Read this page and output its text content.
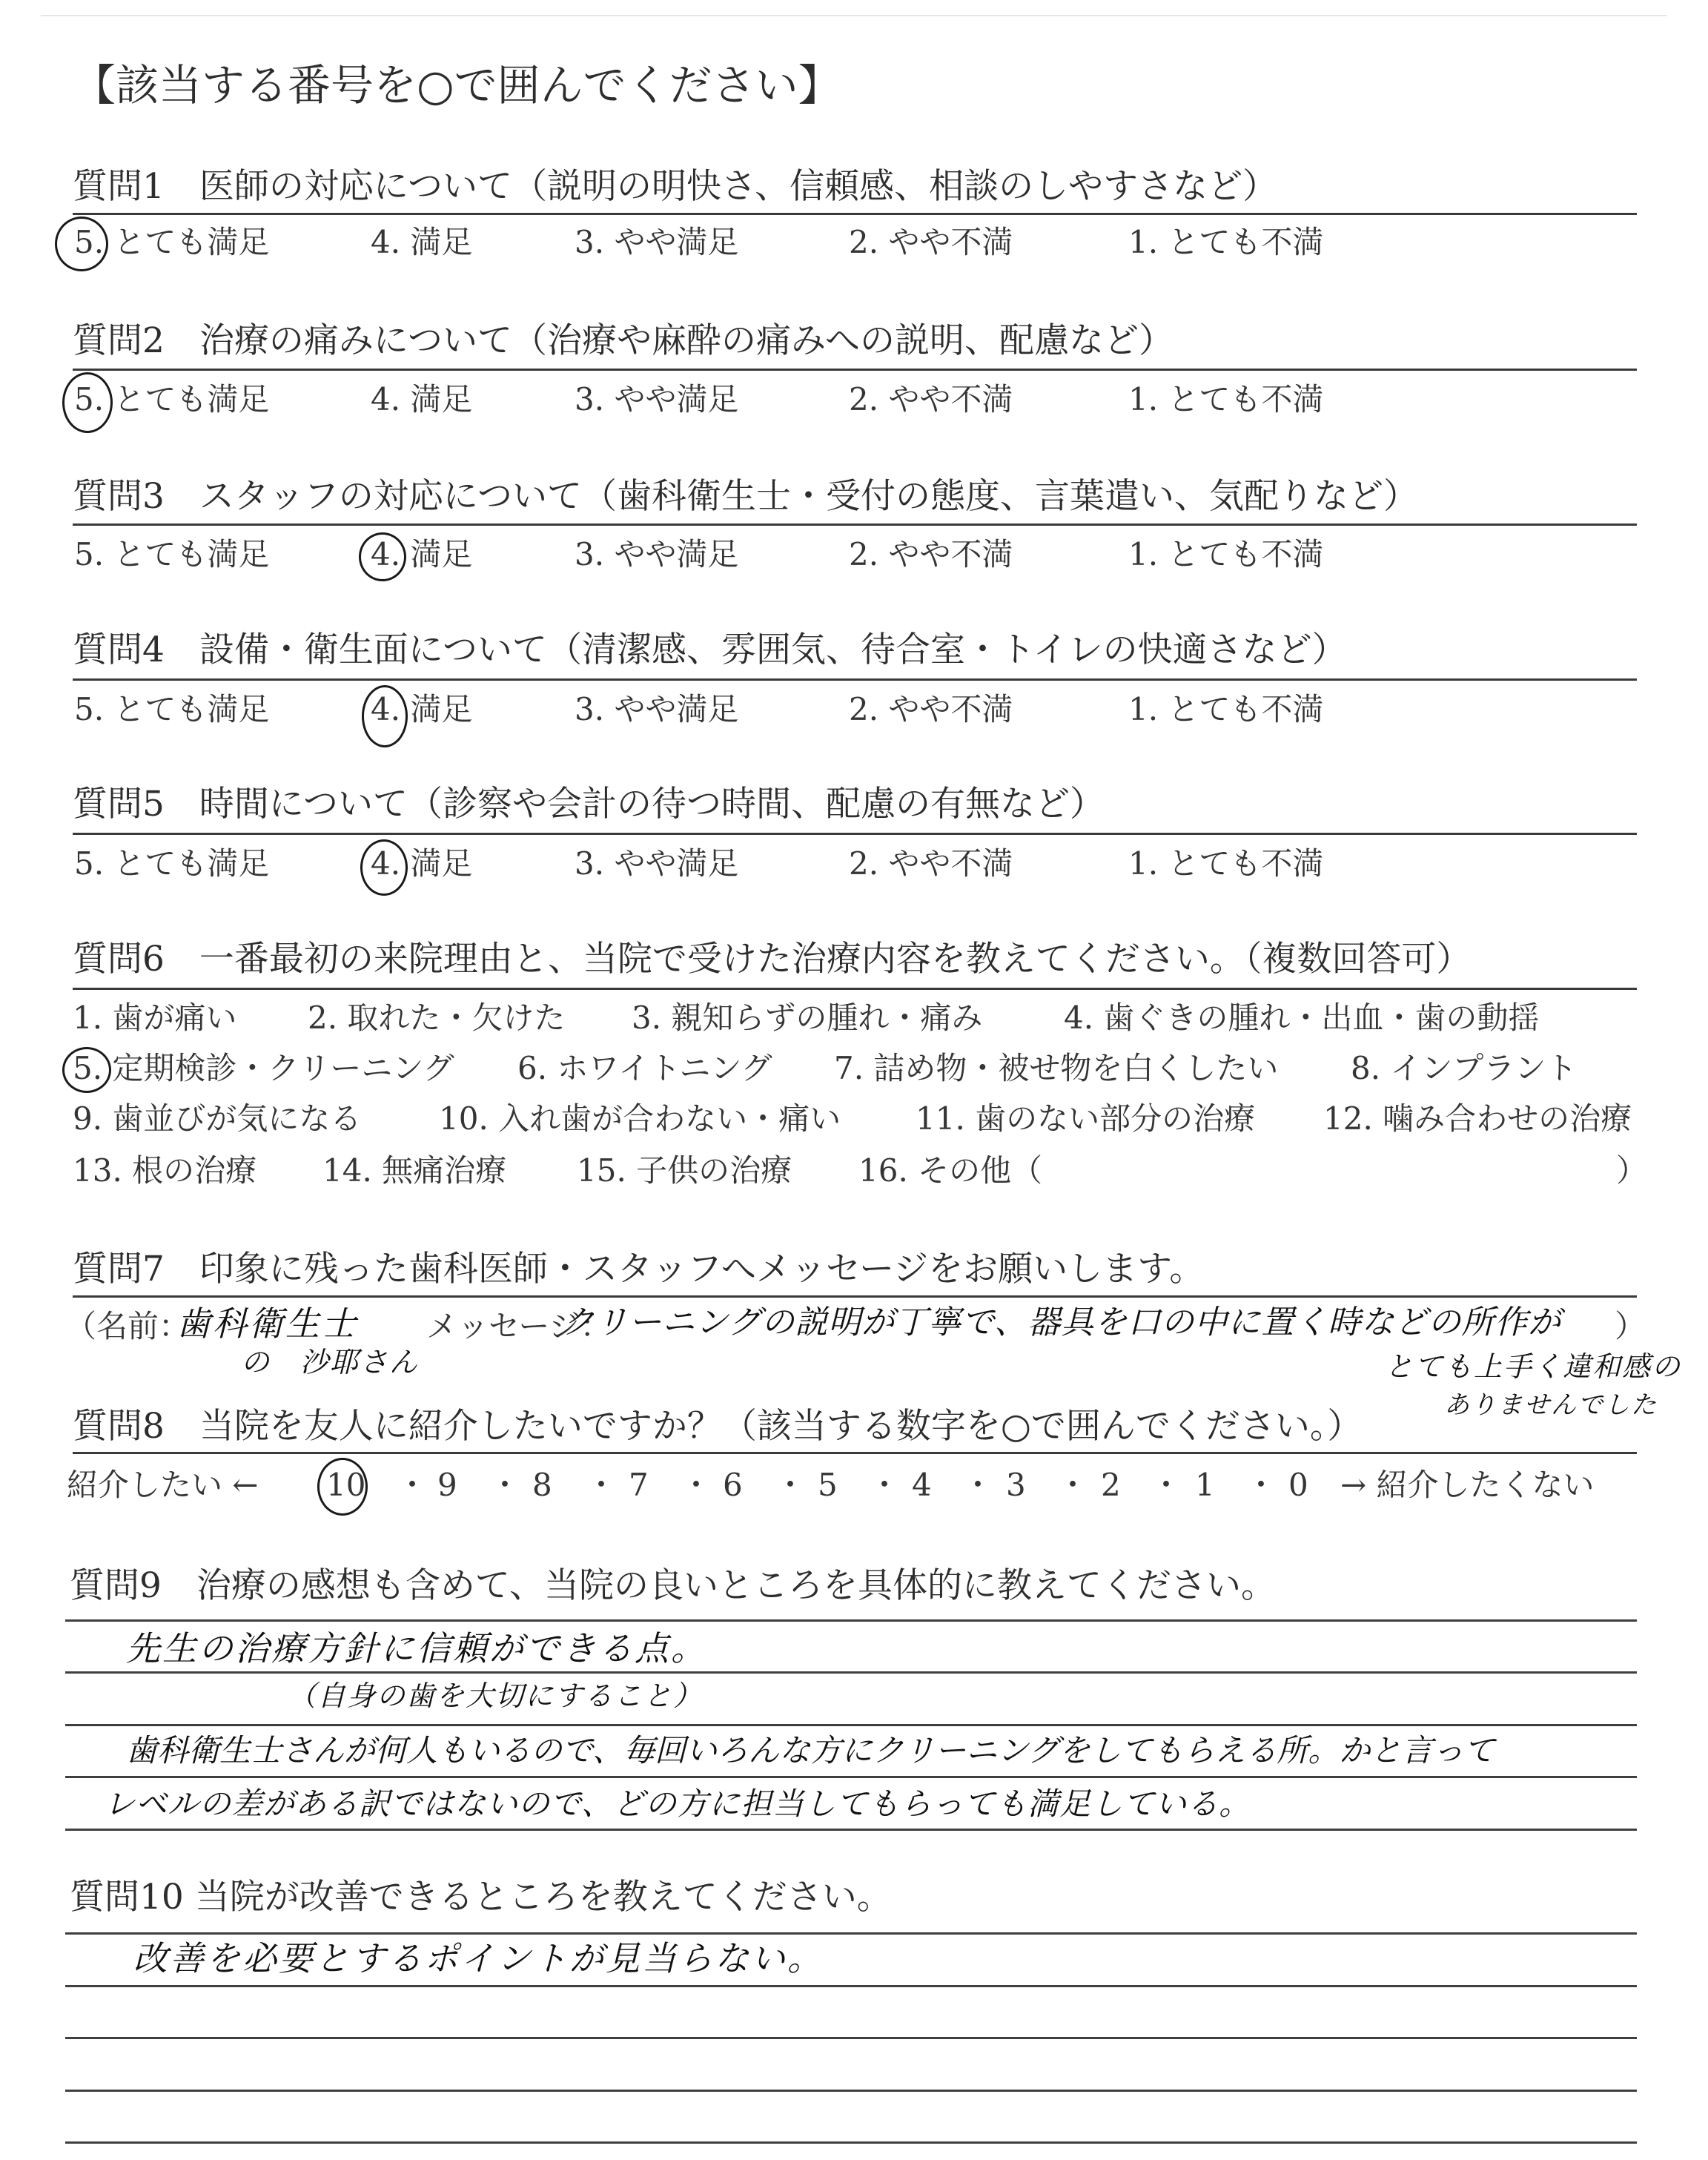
【該当する番号を○で囲んでください】
質問1　医師の対応について（説明の明快さ、信頼感、相談のしやすさなど）
5. とても満足	4. 満足	3. やや満足	2. やや不満	1. とても不満
質問2　治療の痛みについて（治療や麻酔の痛みへの説明、配慮など）
5. とても満足	4. 満足	3. やや満足	2. やや不満	1. とても不満
質問3　スタッフの対応について（歯科衛生士・受付の態度、言葉遣い、気配りなど）
5. とても満足	4. 満足	3. やや満足	2. やや不満	1. とても不満
質問4　設備・衛生面について（清潔感、雰囲気、待合室・トイレの快適さなど）
5. とても満足	4. 満足	3. やや満足	2. やや不満	1. とても不満
質問5　時間について（診察や会計の待つ時間、配慮の有無など）
5. とても満足	4. 満足	3. やや満足	2. やや不満	1. とても不満
質問6　一番最初の来院理由と、当院で受けた治療内容を教えてください。（複数回答可）
1. 歯が痛い 2. 取れた・欠けた 3. 親知らずの腫れ・痛み	4. 歯ぐきの腫れ・出血・歯の動揺
5. 定期検診・クリーニング 6. ホワイトニング 7. 詰め物・被せ物を白くしたい 8. インプラント
9. 歯並びが気になる 10. 入れ歯が合わない・痛い 11. 歯のない部分の治療 12. 噛み合わせの治療
13. 根の治療 14. 無痛治療 15. 子供の治療 16. その他（	）
質問7　印象に残った歯科医師・スタッフへメッセージをお願いします。
（名前：	メッセージ：	）
歯科衛生士
の　沙耶さん
クリーニングの説明が丁寧で、器具を口の中に置く時などの所作が
とても上手く違和感の
ありませんでした
質問8　当院を友人に紹介したいですか？（該当する数字を○で囲んでください。）
紹介したい ← 10 ・ 9 ・ 8 ・ 7 ・ 6 ・ 5 ・ 4 ・ 3 ・ 2 ・ 1 ・ 0 → 紹介したくない
質問9　治療の感想も含めて、当院の良いところを具体的に教えてください。
先生の治療方針に信頼ができる点。
（自身の歯を大切にすること）
歯科衛生士さんが何人もいるので、毎回いろんな方にクリーニングをしてもらえる所。かと言って
レベルの差がある訳ではないので、どの方に担当してもらっても満足している。
質問10 当院が改善できるところを教えてください。
改善を必要とするポイントが見当らない。
